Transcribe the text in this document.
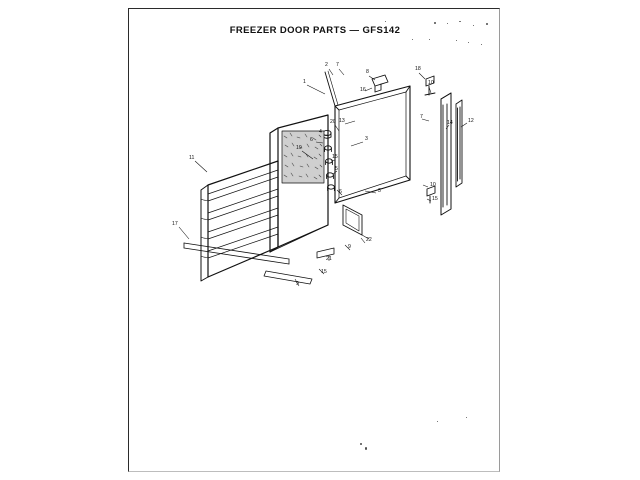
FREEZER DOOR PARTS — GFS142
1
2 7
8
16
18
10
12
14
7
13
20
4
6	3
19
15
5
11
10
15
3
6
17
9
22
21
15
9
